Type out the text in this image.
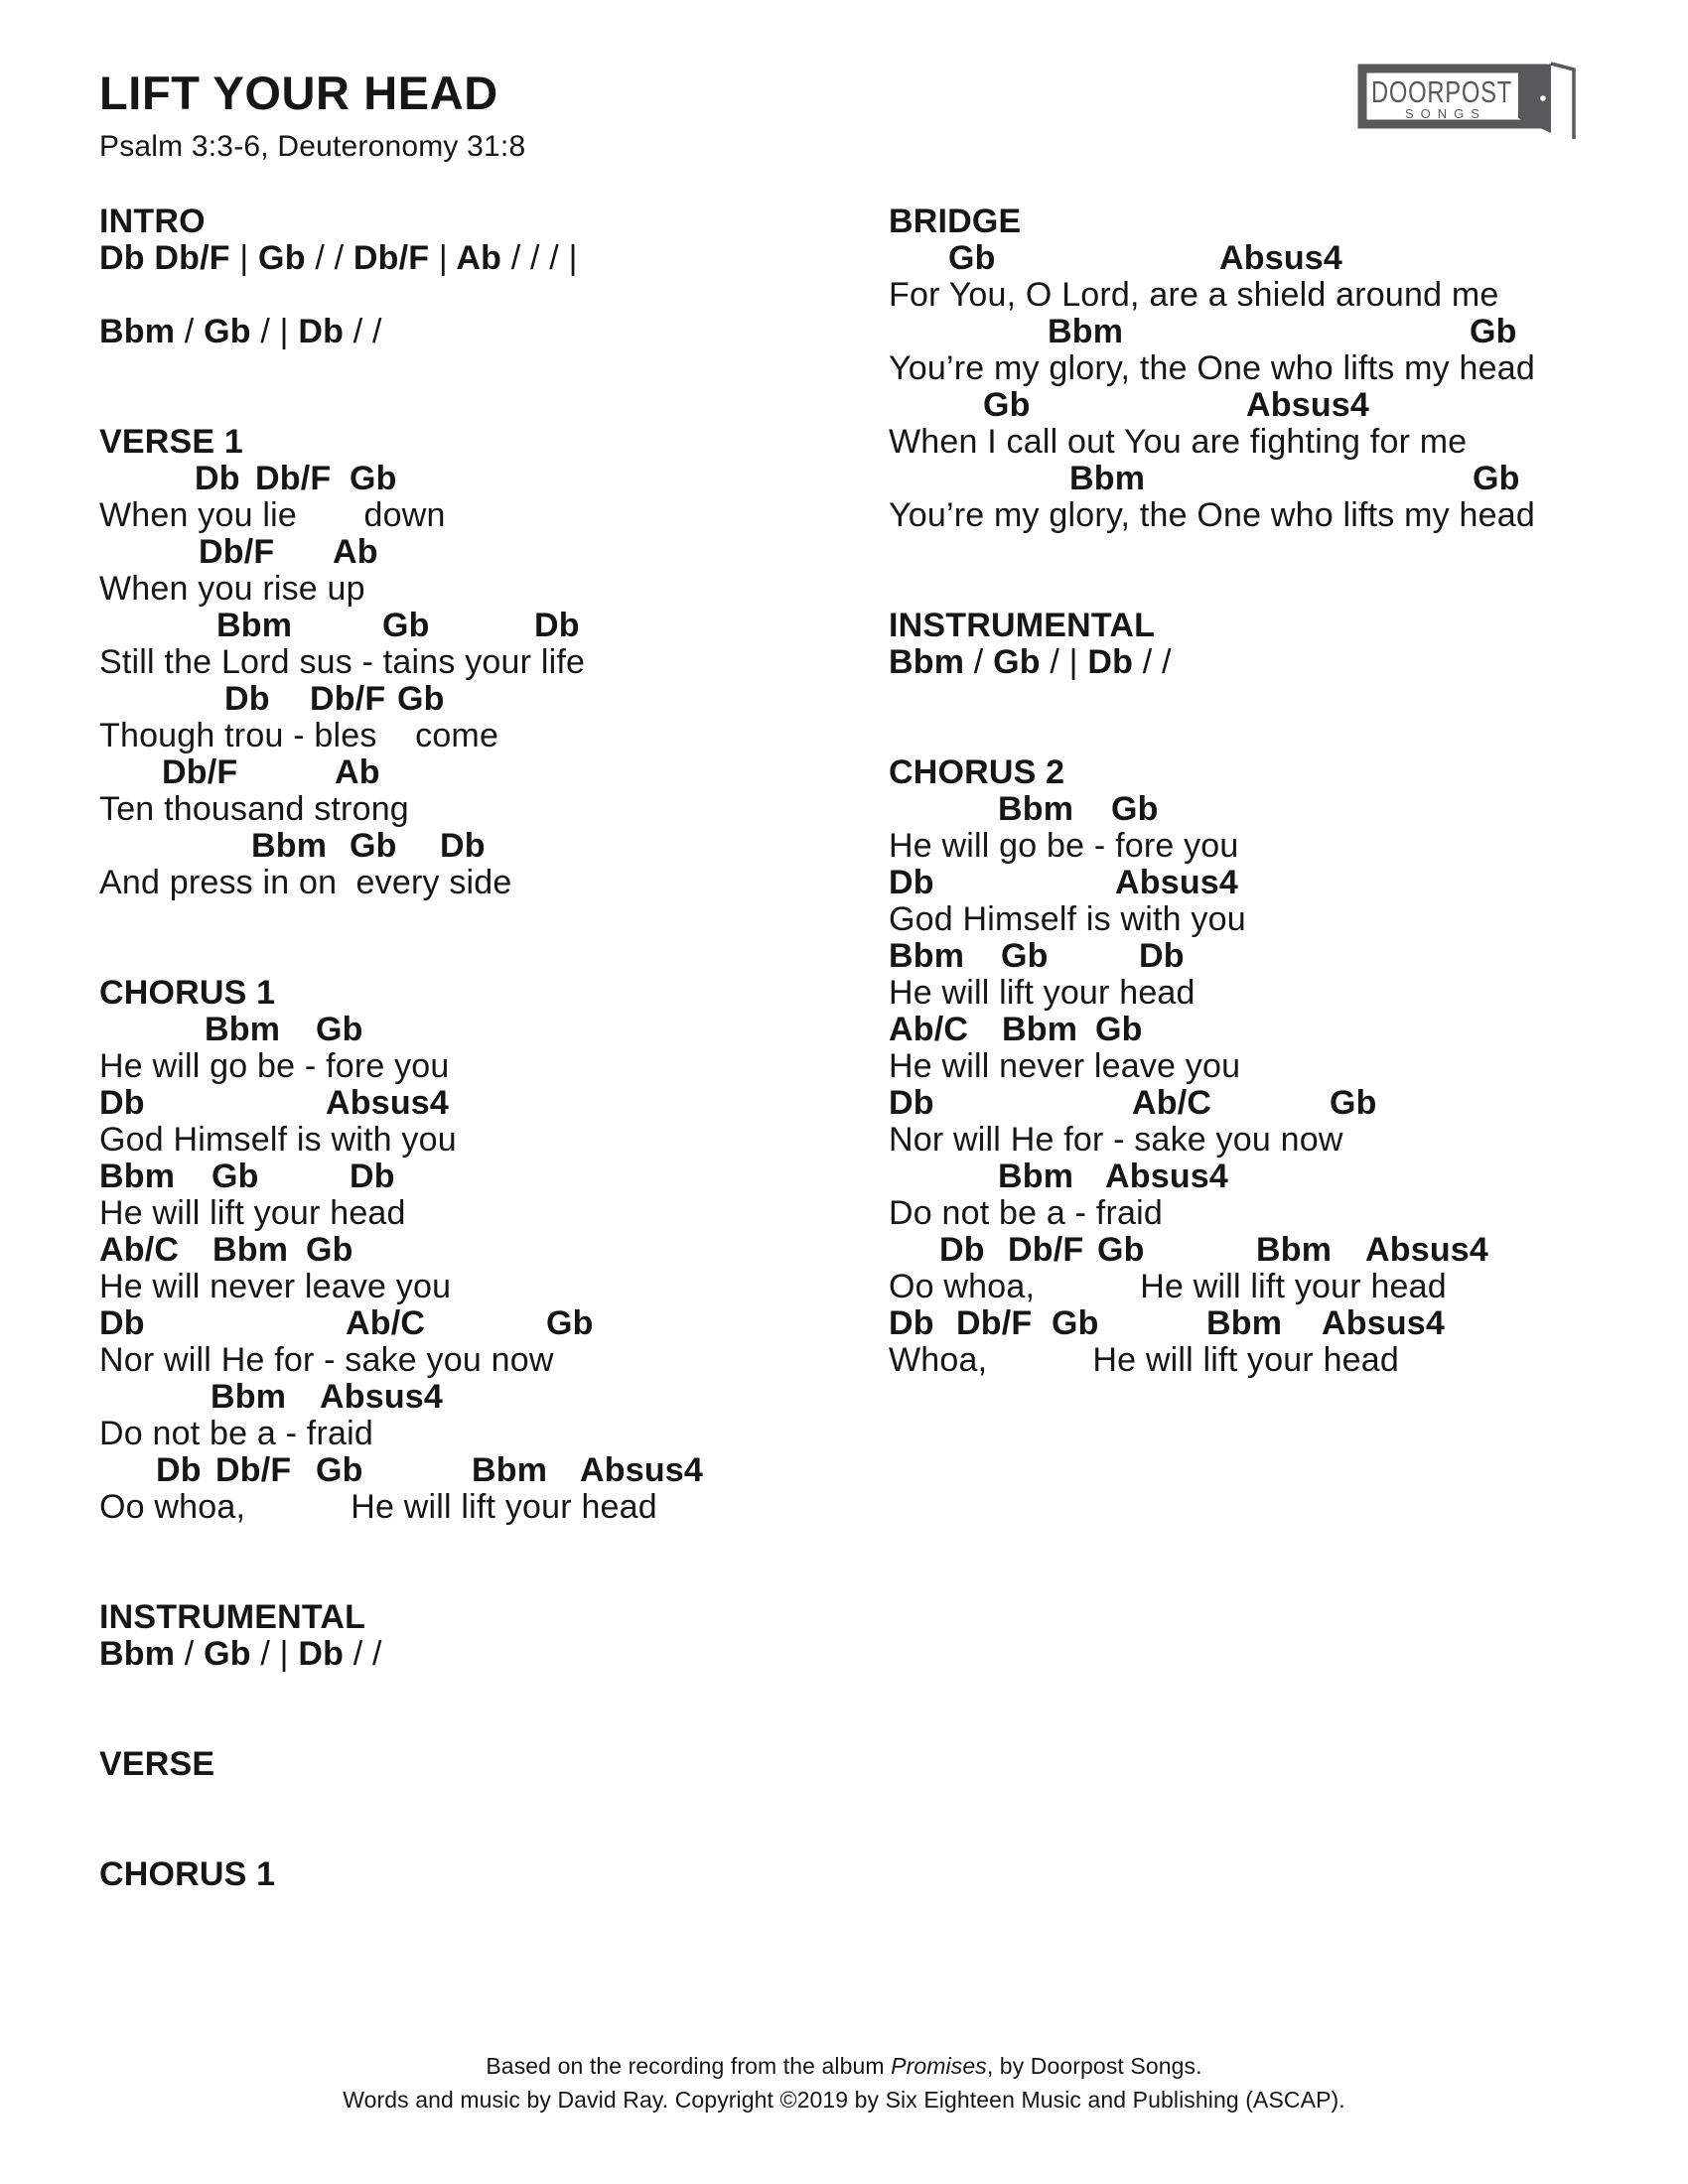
LIFT YOUR HEAD
Psalm 3:3-6, Deuteronomy 31:8
DOORPOST
SONGS
INTRO
Db Db/F | Gb / / Db/F | Ab / / / |
Bbm / Gb / | Db / /
VERSE 1
Db Db/F Gb
When you lie       down
Db/F Ab
When you rise up
Bbm	Gb	Db
Still the Lord sus - tains your life
Db Db/F Gb
Though trou - bles    come
Db/F	Ab
Ten thousand strong
Bbm Gb Db
And press in on  every side
CHORUS 1
Bbm Gb
He will go be - fore you
Db	Absus4
God Himself is with you
Bbm Gb	Db
He will lift your head
Ab/C Bbm Gb
He will never leave you
Db	Ab/C	Gb
Nor will He for - sake you now
Bbm Absus4
Do not be a - fraid
Db Db/F Gb	Bbm Absus4
Oo whoa,           He will lift your head
INSTRUMENTAL
Bbm / Gb / | Db / /
VERSE
CHORUS 1
BRIDGE
Gb	Absus4
For You, O Lord, are a shield around me
Bbm	Gb
You’re my glory, the One who lifts my head
Gb	Absus4
When I call out You are fighting for me
Bbm	Gb
You’re my glory, the One who lifts my head
INSTRUMENTAL
Bbm / Gb / | Db / /
CHORUS 2
Bbm Gb
He will go be - fore you
Db	Absus4
God Himself is with you
Bbm Gb	Db
He will lift your head
Ab/C Bbm Gb
He will never leave you
Db	Ab/C	Gb
Nor will He for - sake you now
Bbm Absus4
Do not be a - fraid
Db Db/F Gb	Bbm Absus4
Oo whoa,           He will lift your head
Db Db/F Gb	Bbm Absus4
Whoa,           He will lift your head
Based on the recording from the album Promises, by Doorpost Songs.
Words and music by David Ray. Copyright ©2019 by Six Eighteen Music and Publishing (ASCAP).
